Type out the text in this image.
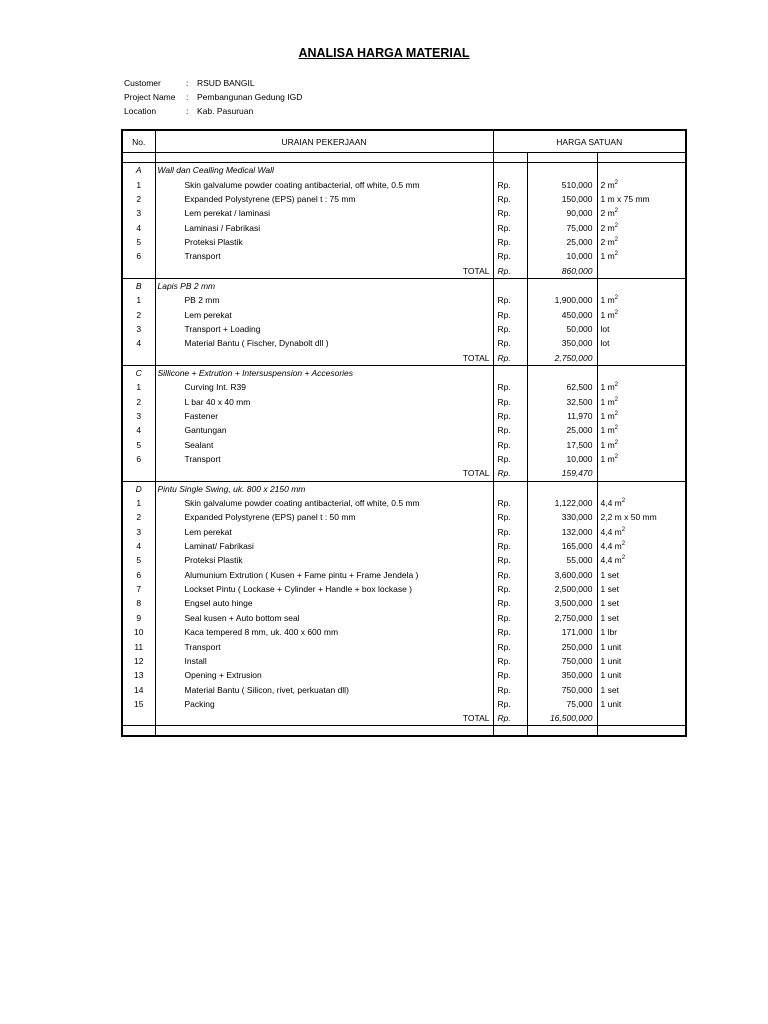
ANALISA HARGA MATERIAL
Customer	:	RSUD BANGIL
Project Name	:	Pembangunan Gedung IGD
Location	:	Kab. Pasuruan
No.	URAIAN PEKERJAAN	HARGA SATUAN		

A	Wall dan Cealling Medical Wall			
1	Skin galvalume powder coating antibacterial, off white, 0.5 mm	Rp.	510,000	2 $m^2$
2	Expanded Polystyrene (EPS) panel t : 75 mm	Rp.	150,000	1 m x 75 mm
3	Lem perekat / laminasi	Rp.	90,000	2 $m^2$
4	Laminasi / Fabrikasi	Rp.	75,000	2 $m^2$
5	Proteksi Plastik	Rp.	25,000	2 $m^2$
6	Transport	Rp.	10,000	1 $m^2$
	TOTAL	Rp.	860,000	
B	Lapis PB 2 mm			
1	PB 2 mm	Rp.	1,900,000	1 $m^2$
2	Lem perekat	Rp.	450,000	1 $m^2$
3	Transport + Loading	Rp.	50,000	lot
4	Material Bantu ( Fischer, Dynabolt dll )	Rp.	350,000	lot
	TOTAL	Rp.	2,750,000	
C	Sillicone + Extrution + Intersuspension + Accesories			
1	Curving Int. R39	Rp.	62,500	1 $m^2$
2	L bar 40 x 40 mm	Rp.	32,500	1 $m^2$
3	Fastener	Rp.	11,970	1 $m^2$
4	Gantungan	Rp.	25,000	1 $m^2$
5	Sealant	Rp.	17,500	1 $m^2$
6	Transport	Rp.	10,000	1 $m^2$
	TOTAL	Rp.	159,470	
D	Pintu Single Swing, uk. 800 x 2150 mm			
1	Skin galvalume powder coating antibacterial, off white, 0.5 mm	Rp.	1,122,000	4,4 $m^2$
2	Expanded Polystyrene (EPS) panel t : 50 mm	Rp.	330,000	2,2 m x 50 mm
3	Lem perekat	Rp.	132,000	4,4 $m^2$
4	Laminat/ Fabrikasi	Rp.	165,000	4,4 $m^2$
5	Proteksi Plastik	Rp.	55,000	4,4 $m^2$
6	Alumunium Extrution ( Kusen + Fame pintu + Frame Jendela )	Rp.	3,600,000	1 set
7	Lockset Pintu ( Lockase + Cylinder + Handle + box lockase )	Rp.	2,500,000	1 set
8	Engsel auto hinge	Rp.	3,500,000	1 set
9	Seal kusen + Auto bottom seal	Rp.	2,750,000	1 set
10	Kaca tempered 8 mm, uk. 400 x 600 mm	Rp.	171,000	1 lbr
11	Transport	Rp.	250,000	1 unit
12	Install	Rp.	750,000	1 unit
13	Opening + Extrusion	Rp.	350,000	1 unit
14	Material Bantu ( Silicon, rivet, perkuatan dll)	Rp.	750,000	1 set
15	Packing	Rp.	75,000	1 unit
	TOTAL	Rp.	16,500,000	
